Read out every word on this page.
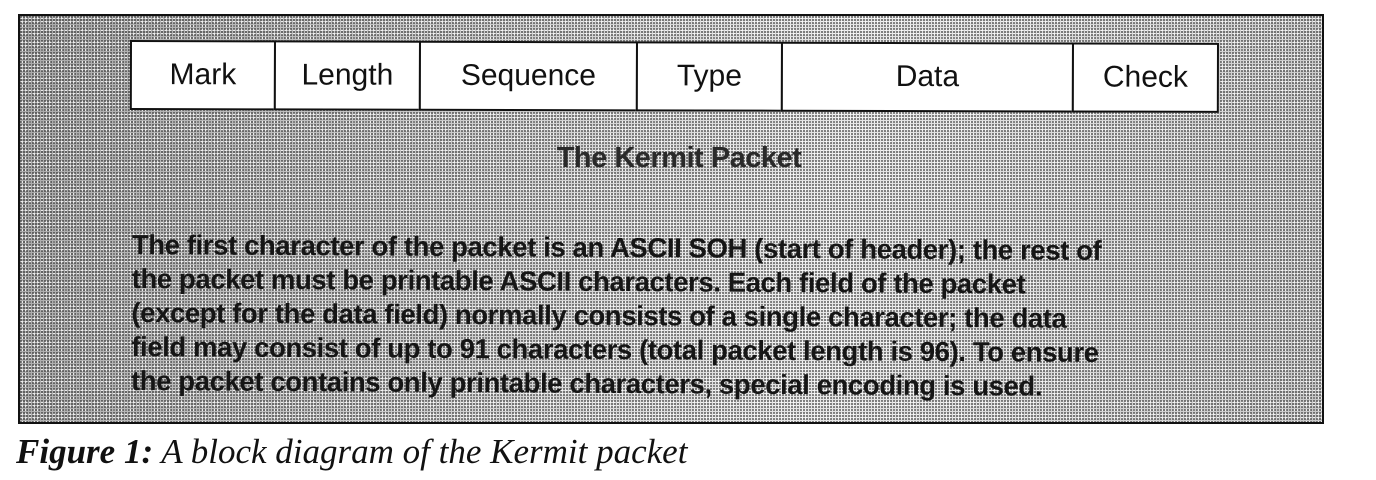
Mark	Length	Sequence	Type	Data	Check
The Kermit Packet
The first character of the packet is an ASCII SOH (start of header); the rest of
the packet must be printable ASCII characters. Each field of the packet
(except for the data field) normally consists of a single character; the data
field may consist of up to 91 characters (total packet length is 96). To ensure
the packet contains only printable characters, special encoding is used.
Figure 1: A block diagram of the Kermit packet
